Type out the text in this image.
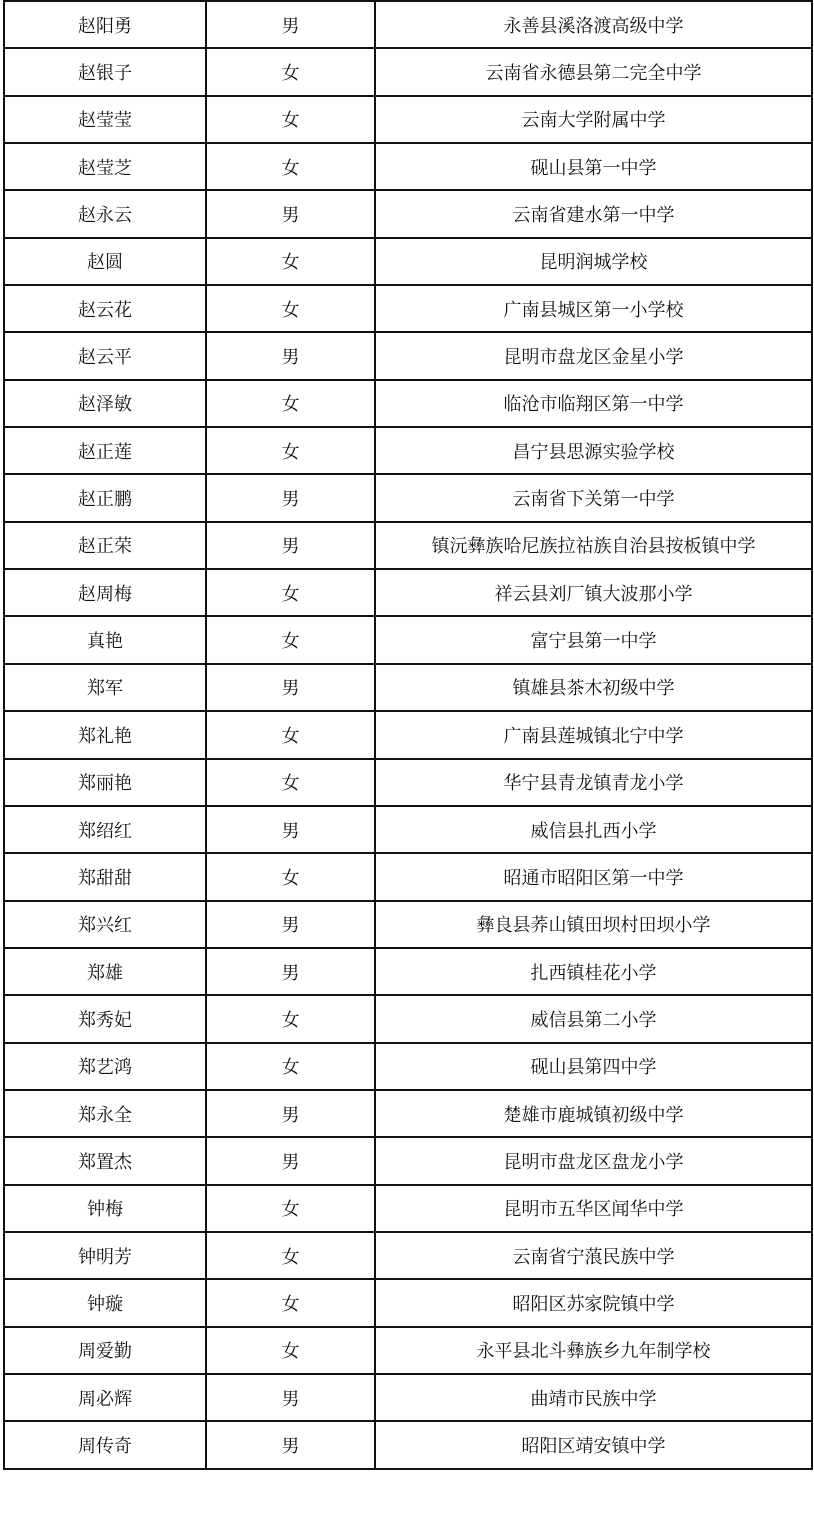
赵阳勇	男	永善县溪洛渡高级中学
赵银子	女	云南省永德县第二完全中学
赵莹莹	女	云南大学附属中学
赵莹芝	女	砚山县第一中学
赵永云	男	云南省建水第一中学
赵圆	女	昆明润城学校
赵云花	女	广南县城区第一小学校
赵云平	男	昆明市盘龙区金星小学
赵泽敏	女	临沧市临翔区第一中学
赵正莲	女	昌宁县思源实验学校
赵正鹏	男	云南省下关第一中学
赵正荣	男	镇沅彝族哈尼族拉祜族自治县按板镇中学
赵周梅	女	祥云县刘厂镇大波那小学
真艳	女	富宁县第一中学
郑军	男	镇雄县茶木初级中学
郑礼艳	女	广南县莲城镇北宁中学
郑丽艳	女	华宁县青龙镇青龙小学
郑绍红	男	威信县扎西小学
郑甜甜	女	昭通市昭阳区第一中学
郑兴红	男	彝良县荞山镇田坝村田坝小学
郑雄	男	扎西镇桂花小学
郑秀妃	女	威信县第二小学
郑艺鸿	女	砚山县第四中学
郑永全	男	楚雄市鹿城镇初级中学
郑置杰	男	昆明市盘龙区盘龙小学
钟梅	女	昆明市五华区闻华中学
钟明芳	女	云南省宁蒗民族中学
钟璇	女	昭阳区苏家院镇中学
周爱勤	女	永平县北斗彝族乡九年制学校
周必辉	男	曲靖市民族中学
周传奇	男	昭阳区靖安镇中学
